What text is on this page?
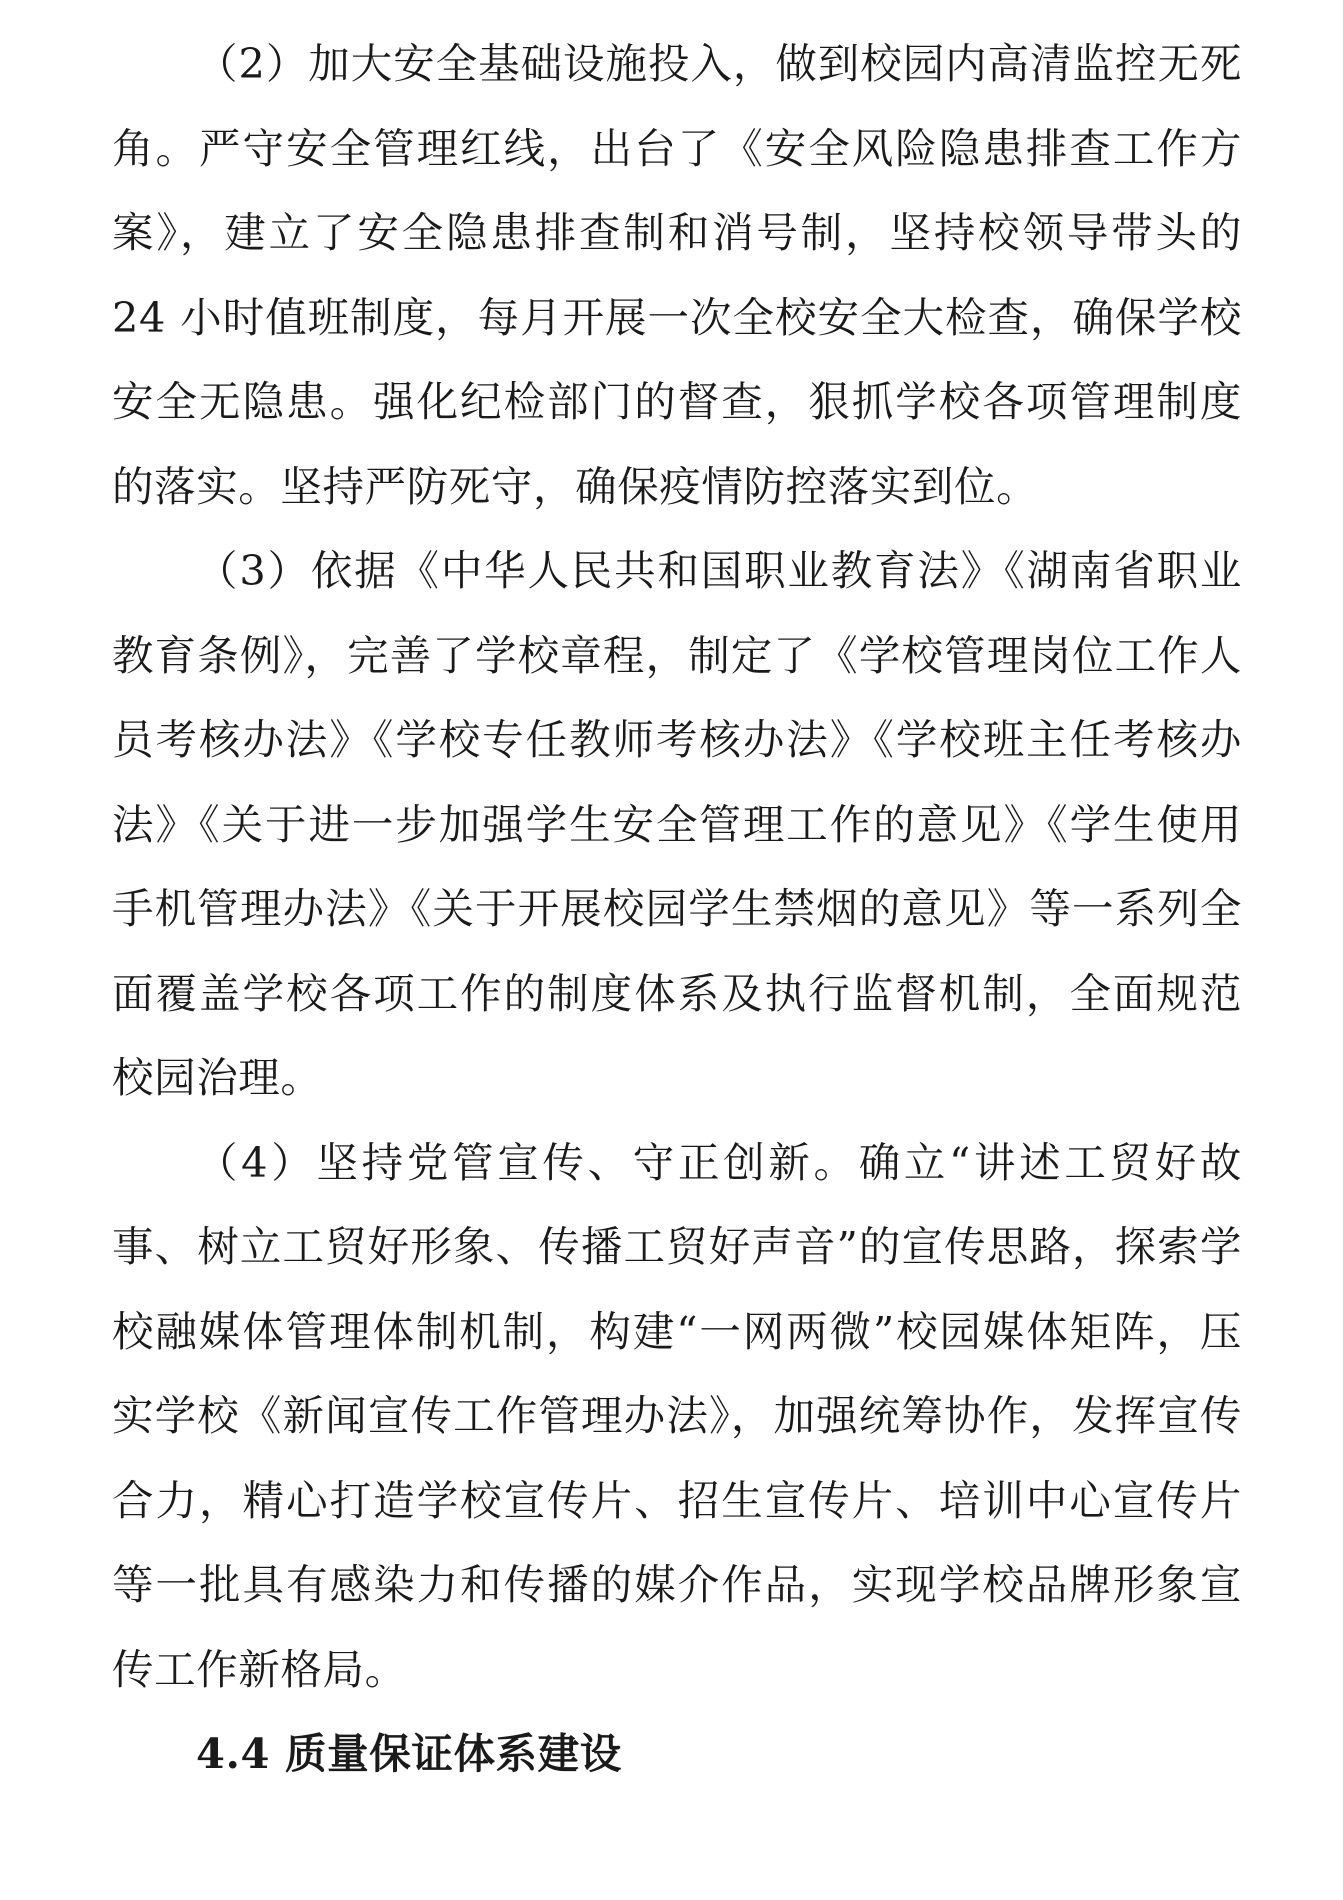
（2）加大安全基础设施投入，做到校园内高清监控无死角。严守安全管理红线，出台了《安全风险隐患排查工作方案》，建立了安全隐患排查制和消号制，坚持校领导带头的 24 小时值班制度，每月开展一次全校安全大检查，确保学校安全无隐患。强化纪检部门的督查，狠抓学校各项管理制度的落实。坚持严防死守，确保疫情防控落实到位。

（3）依据《中华人民共和国职业教育法》《湖南省职业教育条例》，完善了学校章程，制定了《学校管理岗位工作人员考核办法》《学校专任教师考核办法》《学校班主任考核办法》《关于进一步加强学生安全管理工作的意见》《学生使用手机管理办法》《关于开展校园学生禁烟的意见》等一系列全面覆盖学校各项工作的制度体系及执行监督机制，全面规范校园治理。

（4）坚持党管宣传、守正创新。确立“讲述工贸好故事、树立工贸好形象、传播工贸好声音”的宣传思路，探索学校融媒体管理体制机制，构建“一网两微”校园媒体矩阵，压实学校《新闻宣传工作管理办法》，加强统筹协作，发挥宣传合力，精心打造学校宣传片、招生宣传片、培训中心宣传片等一批具有感染力和传播的媒介作品，实现学校品牌形象宣传工作新格局。

4.4 质量保证体系建设
